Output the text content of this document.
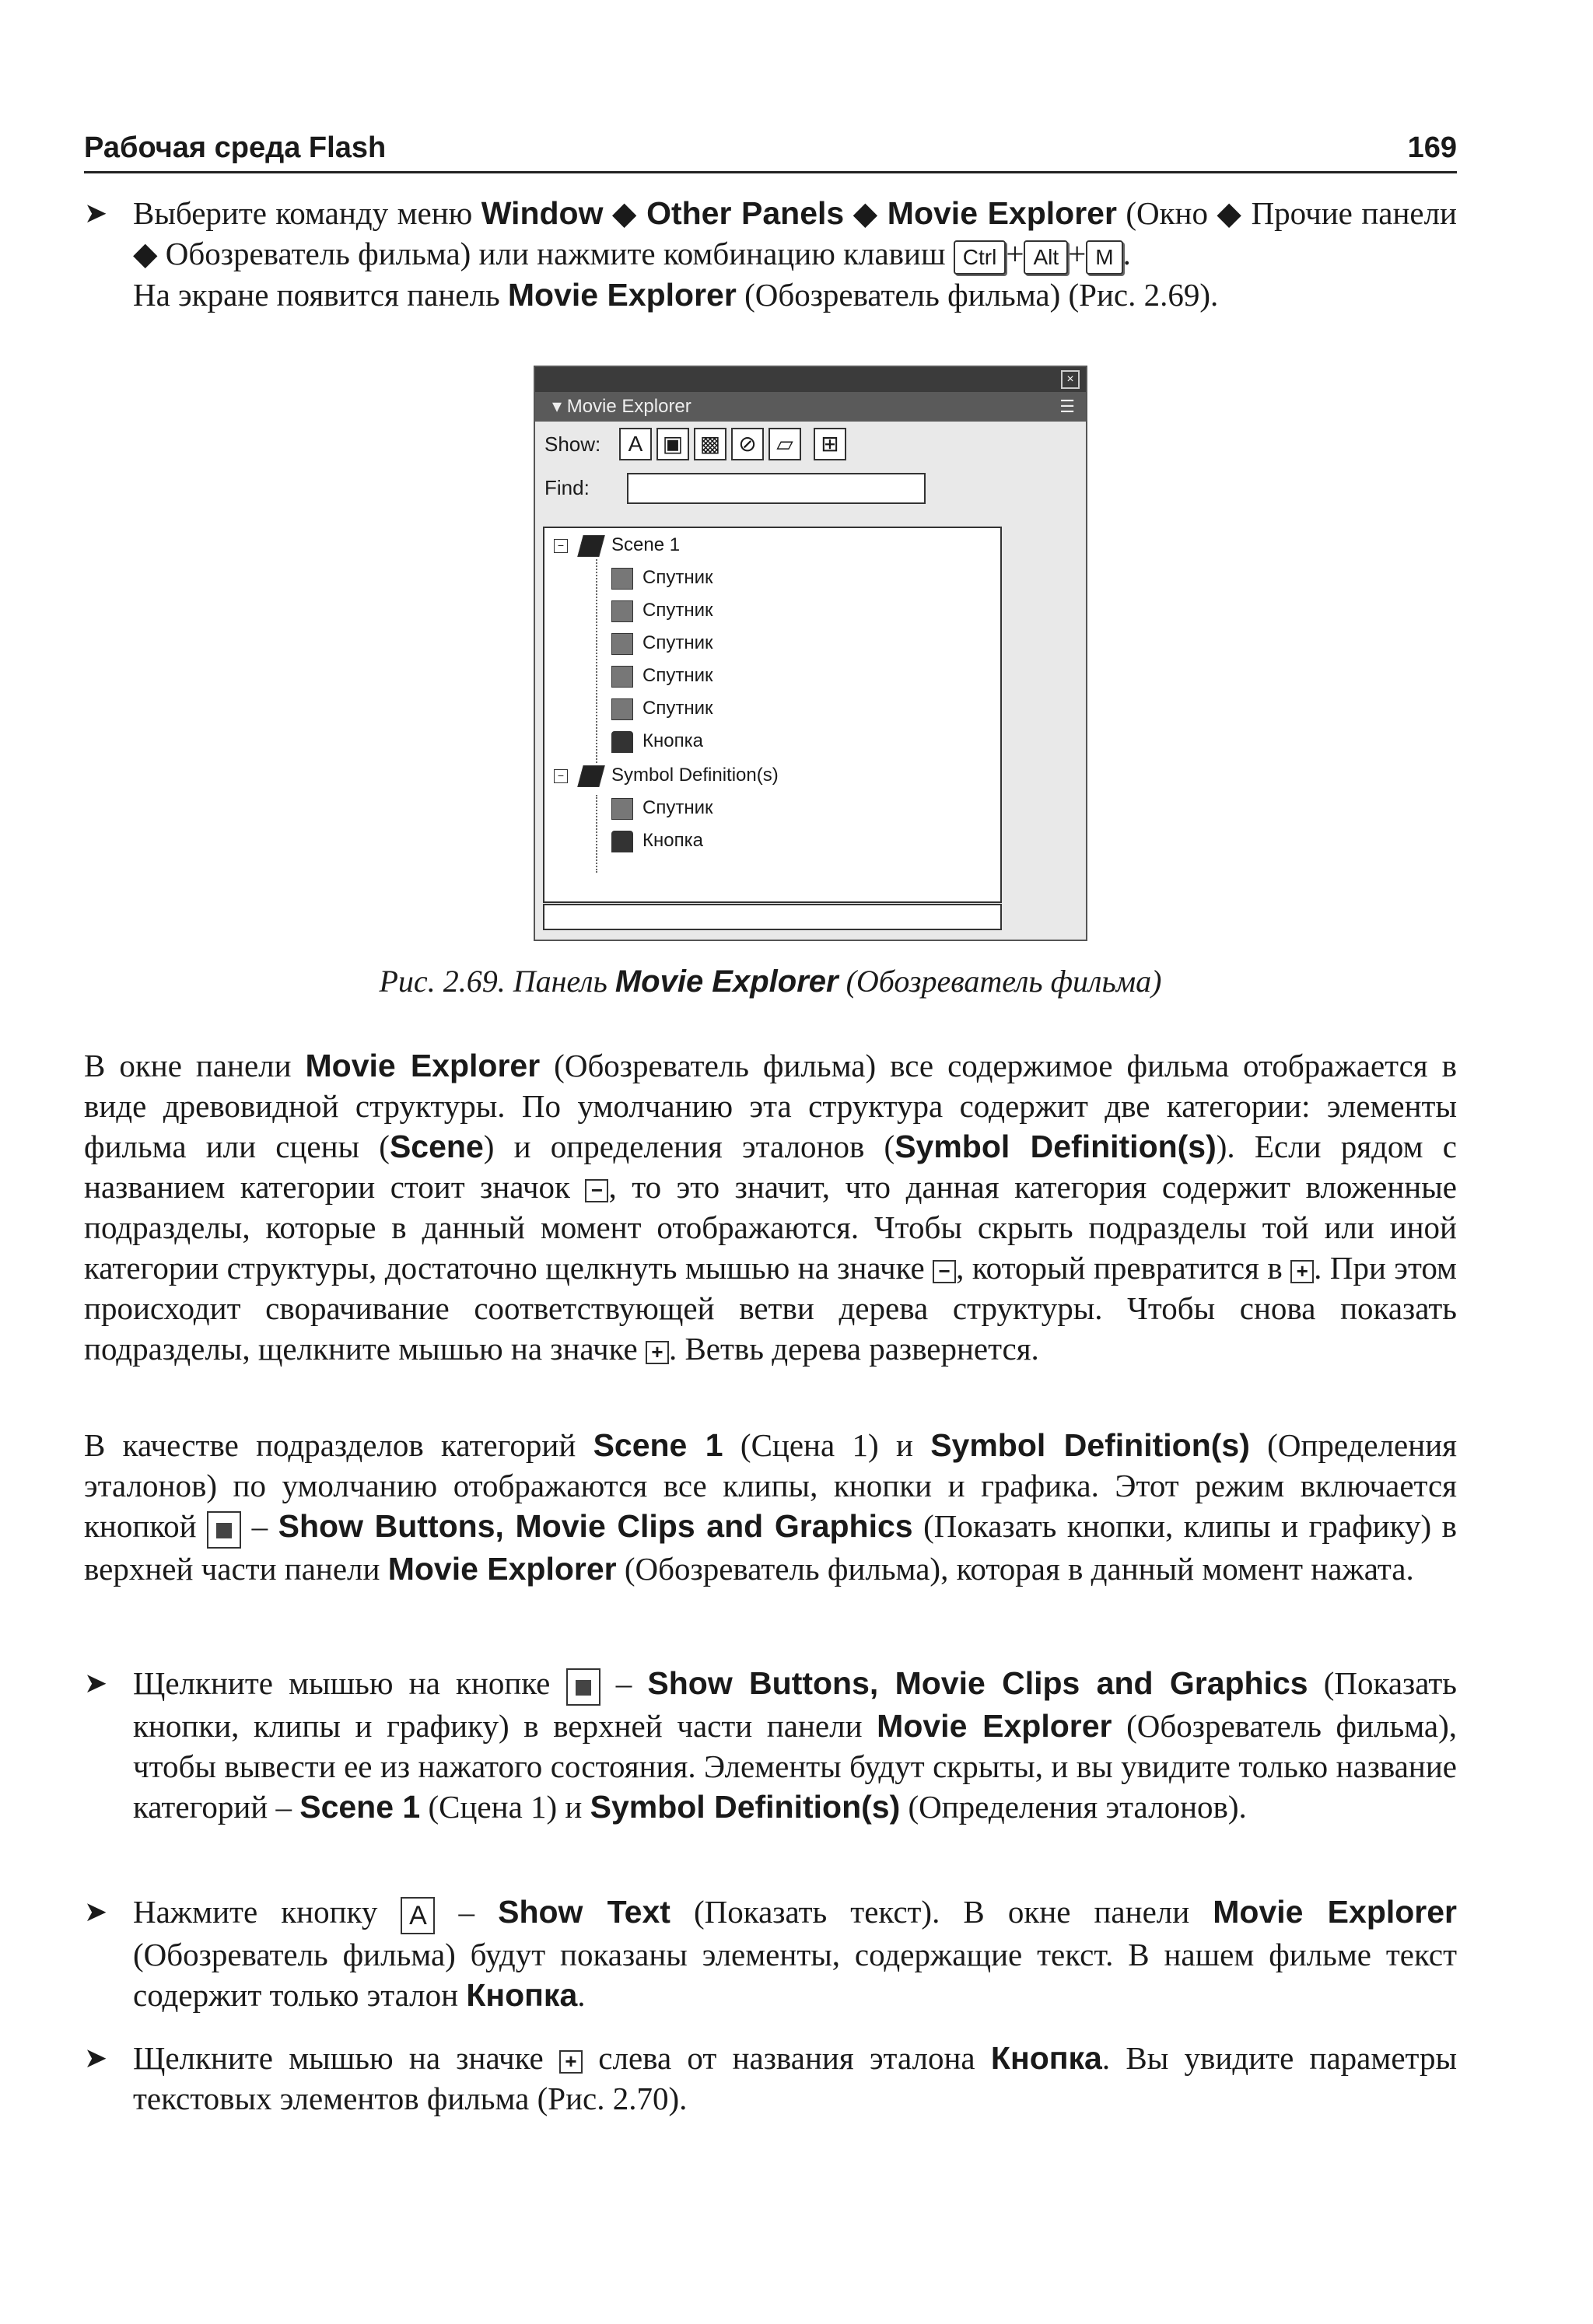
Рабочая среда Flash	169
➤ Выберите команду меню Window ◆ Other Panels ◆ Movie Explorer (Окно ◆ Прочие панели ◆ Обозреватель фильма) или нажмите комбинацию клавиш Ctrl + Alt + M .
На экране появится панель Movie Explorer (Обозреватель фильма) (Рис. 2.69).
×
▾ Movie Explorer	☰
Show:	A ▣ ▩ ⊘ ▱	⊞
Find:
−	Scene 1
Спутник
Спутник
Спутник
Спутник
Спутник
Кнопка
−	Symbol Definition(s)
Спутник
Кнопка
Рис. 2.69. Панель Movie Explorer (Обозреватель фильма)
В окне панели Movie Explorer (Обозреватель фильма) все содержимое фильма отображается в виде древовидной структуры. По умолчанию эта структура содержит две категории: элементы фильма или сцены (Scene) и определения эталонов (Symbol Definition(s)). Если рядом с названием категории стоит значок − , то это значит, что данная категория содержит вложенные подразделы, которые в данный момент отображаются. Чтобы скрыть подразделы той или иной категории структуры, достаточно щелкнуть мышью на значке − , который превратится в + . При этом происходит сворачивание соответствующей ветви дерева структуры. Чтобы снова показать подразделы, щелкните мышью на значке + . Ветвь дерева развернется.
В качестве подразделов категорий Scene 1 (Сцена 1) и Symbol Definition(s) (Определения эталонов) по умолчанию отображаются все клипы, кнопки и графика. Этот режим включается кнопкой  – Show Buttons, Movie Clips and Graphics (Показать кнопки, клипы и графику) в верхней части панели Movie Explorer (Обозреватель фильма), которая в данный момент нажата.
➤ Щелкните мышью на кнопке  – Show Buttons, Movie Clips and Graphics (Показать кнопки, клипы и графику) в верхней части панели Movie Explorer (Обозреватель фильма), чтобы вывести ее из нажатого состояния. Элементы будут скрыты, и вы увидите только название категорий – Scene 1 (Сцена 1) и Symbol Definition(s) (Определения эталонов).
➤ Нажмите кнопку A – Show Text (Показать текст). В окне панели Movie Explorer (Обозреватель фильма) будут показаны элементы, содержащие текст. В нашем фильме текст содержит только эталон Кнопка.
➤ Щелкните мышью на значке + слева от названия эталона Кнопка. Вы увидите параметры текстовых элементов фильма (Рис. 2.70).
